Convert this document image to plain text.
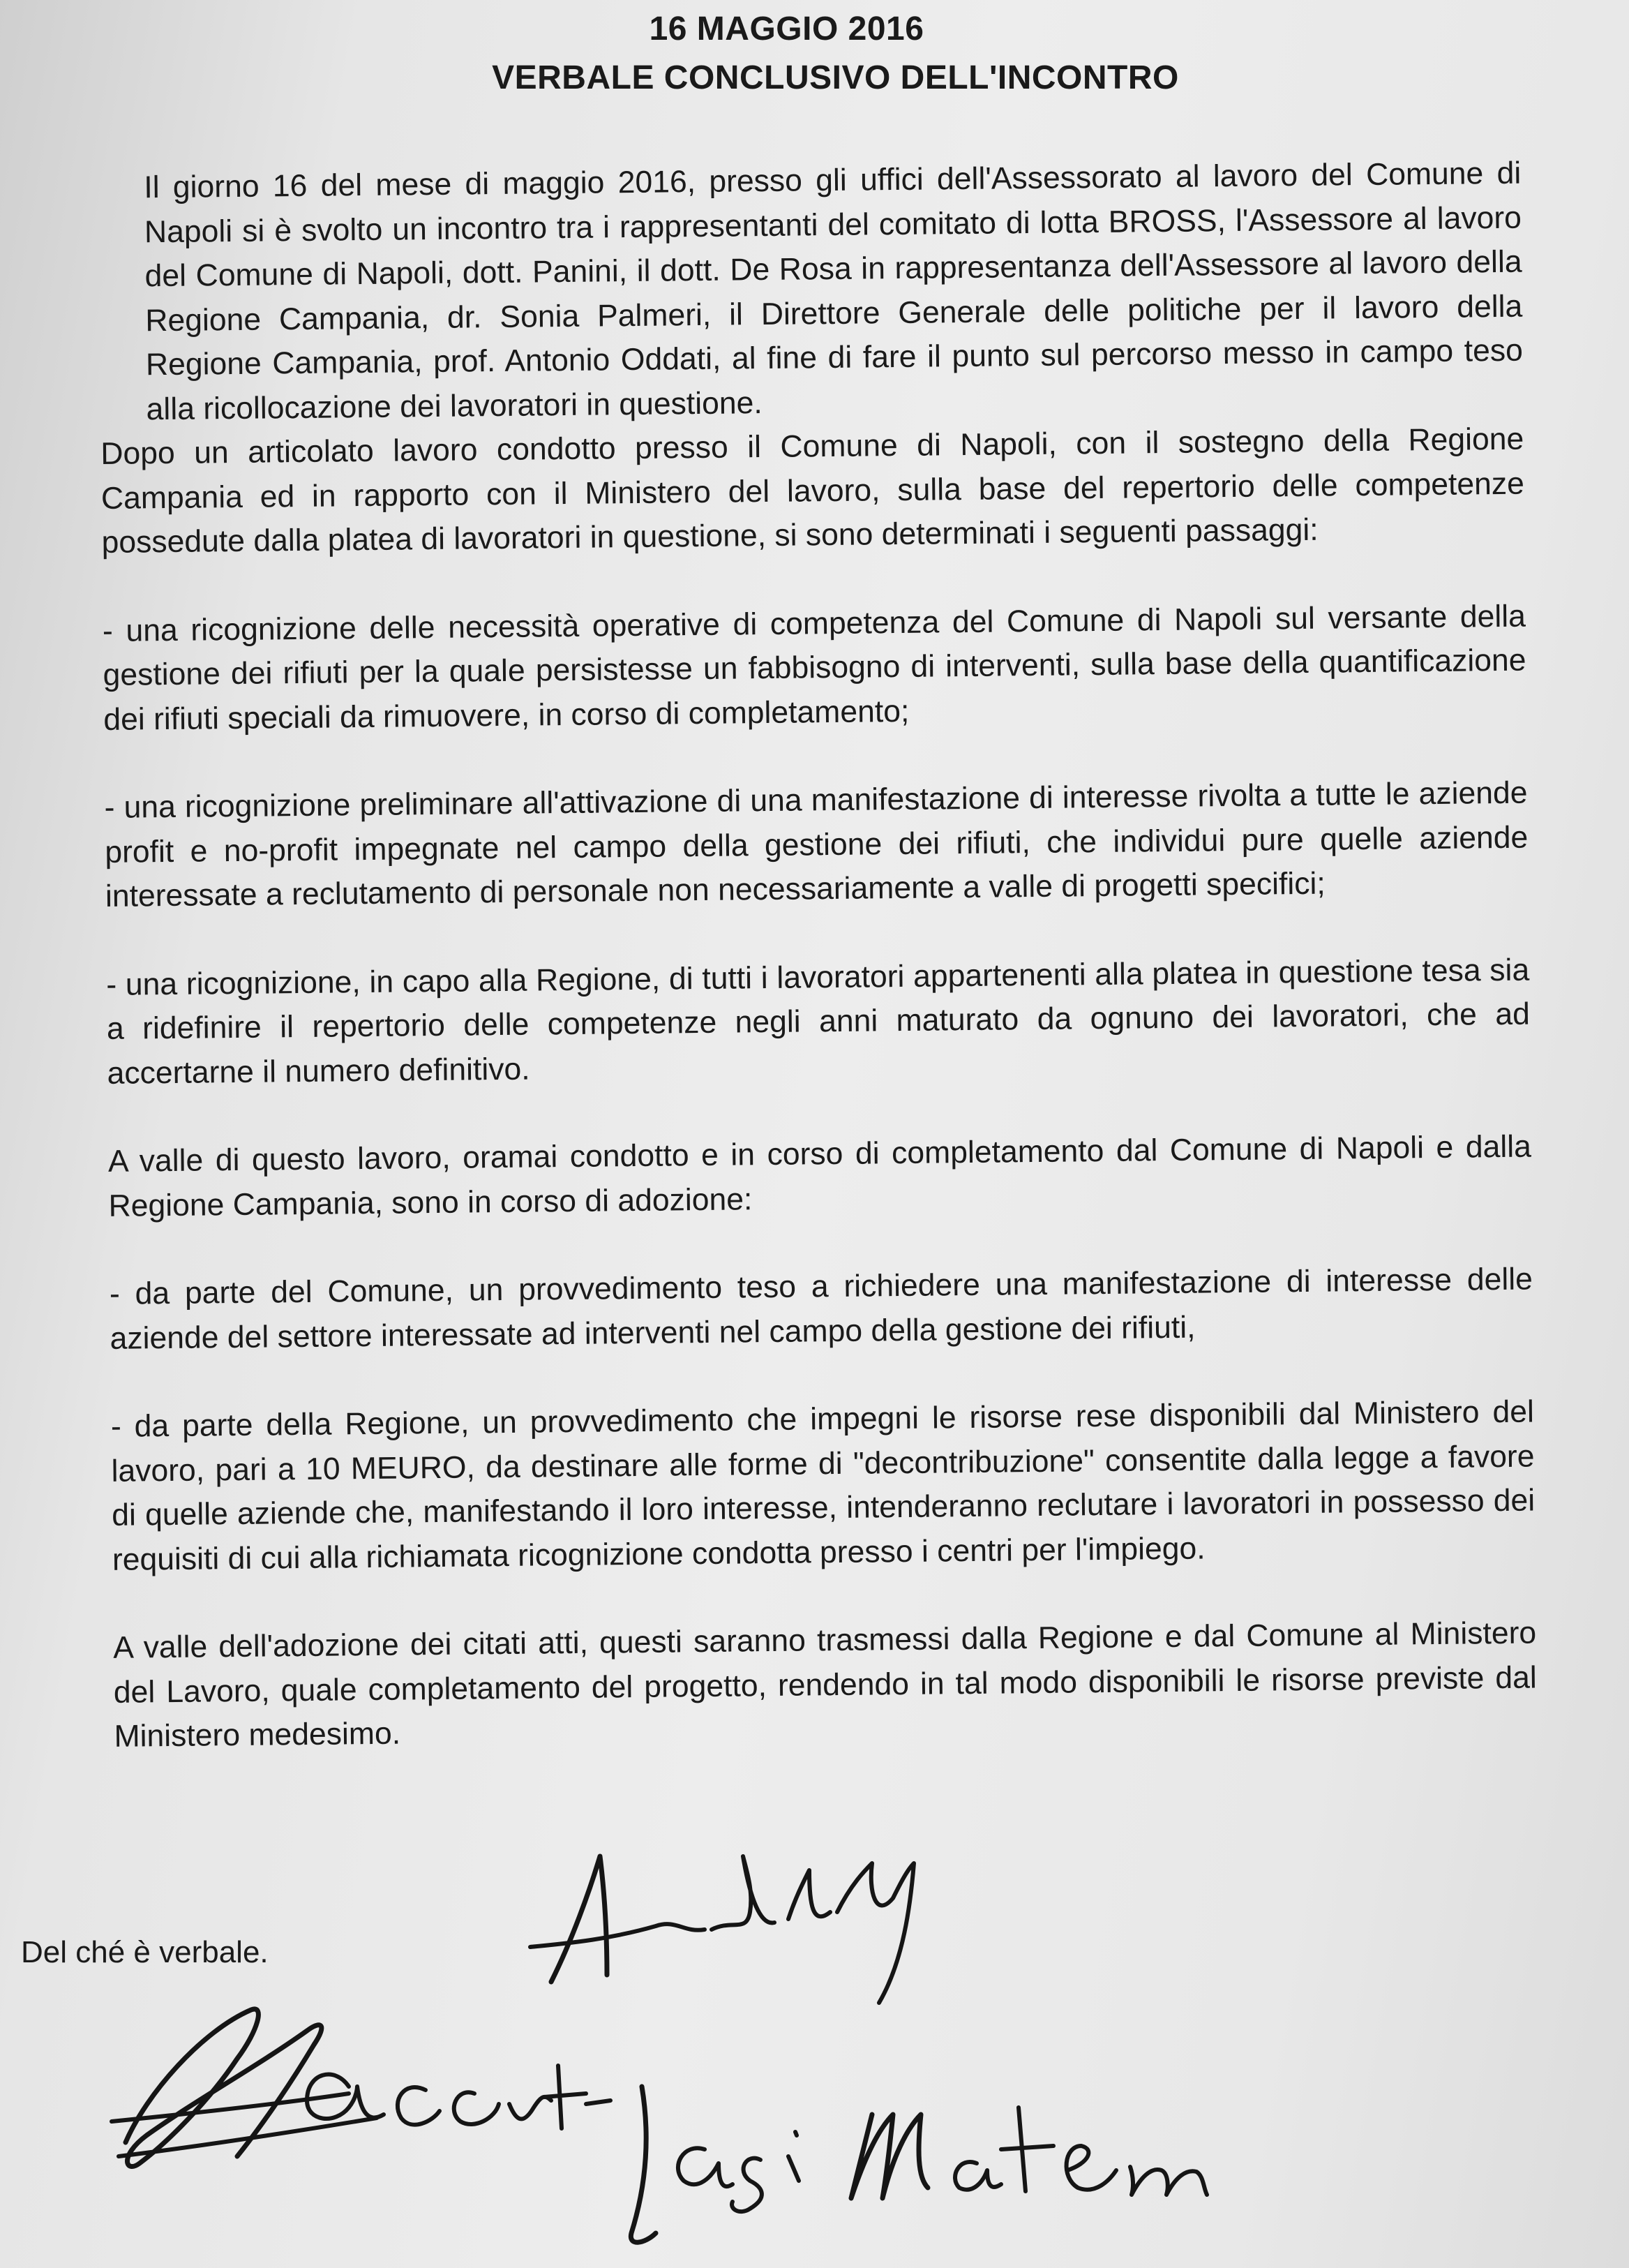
16 MAGGIO 2016
VERBALE CONCLUSIVO DELL'INCONTRO

Il giorno 16 del mese di maggio 2016, presso gli uffici dell'Assessorato al lavoro del Comune di Napoli si è svolto un incontro tra i rappresentanti del comitato di lotta BROSS, l'Assessore al lavoro del Comune di Napoli, dott. Panini, il dott. De Rosa in rappresentanza dell'Assessore al lavoro della Regione Campania, dr. Sonia Palmeri, il Direttore Generale delle politiche per il lavoro della Regione Campania, prof. Antonio Oddati, al fine di fare il punto sul percorso messo in campo teso alla ricollocazione dei lavoratori in questione.

Dopo un articolato lavoro condotto presso il Comune di Napoli, con il sostegno della Regione Campania ed in rapporto con il Ministero del lavoro, sulla base del repertorio delle competenze possedute dalla platea di lavoratori in questione, si sono determinati i seguenti passaggi:

- una ricognizione delle necessità operative di competenza del Comune di Napoli sul versante della gestione dei rifiuti per la quale persistesse un fabbisogno di interventi, sulla base della quantificazione dei rifiuti speciali da rimuovere, in corso di completamento;

- una ricognizione preliminare all'attivazione di una manifestazione di interesse rivolta a tutte le aziende profit e no-profit impegnate nel campo della gestione dei rifiuti, che individui pure quelle aziende interessate a reclutamento di personale non necessariamente a valle di progetti specifici;

- una ricognizione, in capo alla Regione, di tutti i lavoratori appartenenti alla platea in questione tesa sia a ridefinire il repertorio delle competenze negli anni maturato da ognuno dei lavoratori, che ad accertarne il numero definitivo.

A valle di questo lavoro, oramai condotto e in corso di completamento dal Comune di Napoli e dalla Regione Campania, sono in corso di adozione:

- da parte del Comune, un provvedimento teso a richiedere una manifestazione di interesse delle aziende del settore interessate ad interventi nel campo della gestione dei rifiuti,

- da parte della Regione, un provvedimento che impegni le risorse rese disponibili dal Ministero del lavoro, pari a 10 MEURO, da destinare alle forme di "decontribuzione" consentite dalla legge a favore di quelle aziende che, manifestando il loro interesse, intenderanno reclutare i lavoratori in possesso dei requisiti di cui alla richiamata ricognizione condotta presso i centri per l'impiego.

A valle dell'adozione dei citati atti, questi saranno trasmessi dalla Regione e dal Comune al Ministero del Lavoro, quale completamento del progetto, rendendo in tal modo disponibili le risorse previste dal Ministero medesimo.

Del ché è verbale.
